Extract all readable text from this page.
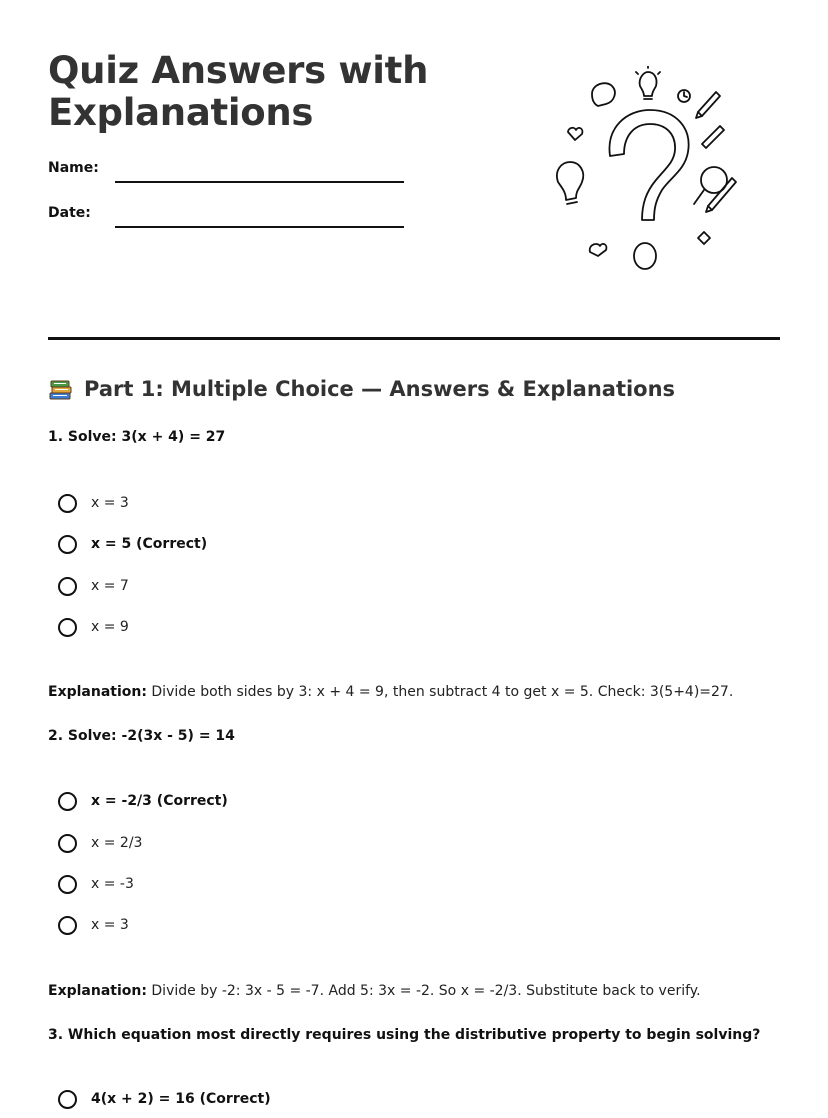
Quiz Answers with Explanations
Name:
Date:
Part 1: Multiple Choice — Answers & Explanations
1. Solve: 3(x + 4) = 27
x = 3
x = 5 (Correct)
x = 7
x = 9
Explanation: Divide both sides by 3: x + 4 = 9, then subtract 4 to get x = 5. Check: 3(5+4)=27.
2. Solve: -2(3x - 5) = 14
x = -2/3 (Correct)
x = 2/3
x = -3
x = 3
Explanation: Divide by -2: 3x - 5 = -7. Add 5: 3x = -2. So x = -2/3. Substitute back to verify.
3. Which equation most directly requires using the distributive property to begin solving?
4(x + 2) = 16 (Correct)
